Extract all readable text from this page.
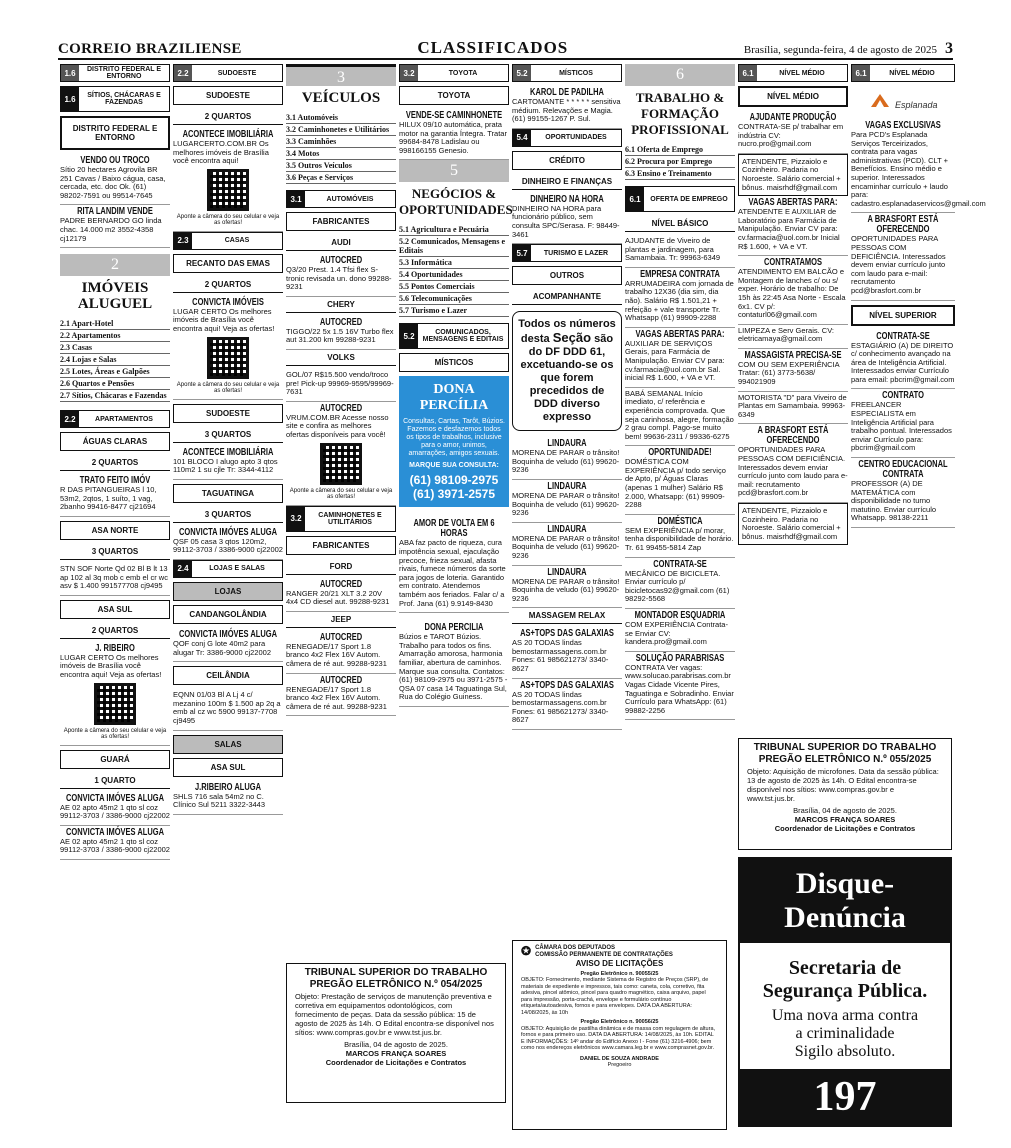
CORREIO BRAZILIENSE	CLASSIFICADOS	Brasília, segunda-feira, 4 de agosto de 2025 3
1.6	DISTRITO FEDERAL E ENTORNO
1.6	SÍTIOS, CHÁCARAS E FAZENDAS
DISTRITO FEDERAL E ENTORNO
VENDO OU TROCO
Sítio 20 hectares Agrovila BR 251 Cavas / Baixo cágua, casa, cercada, etc. doc Ok. (61) 98202-7591 ou 99514-7645
RITA LANDIM VENDE
PADRE BERNARDO GO linda chac. 14.000 m2 3552-4358 cj12179
2
IMÓVEIS ALUGUEL
2.1 Apart-Hotel
2.2 Apartamentos
2.3 Casas
2.4 Lojas e Salas
2.5 Lotes, Áreas e Galpões
2.6 Quartos e Pensões
2.7 Sítios, Chácaras e Fazendas
2.2	APARTAMENTOS
ÁGUAS CLARAS
2 QUARTOS
TRATO FEITO IMÓV
R DAS PITANGUEIRAS l 10, 53m2, 2qtos, 1 suíto, 1 vag, 2banho 99416-8477 cj21694
ASA NORTE
3 QUARTOS
STN SOF Norte Qd 02 Bl B lt 13 ap 102 al 3q mob c emb el cr wc asv $ 1.400 991577708 cj9495
ASA SUL
2 QUARTOS
J. RIBEIRO
LUGAR CERTO Os melhores imóveis de Brasília você encontra aqui! Veja as ofertas!
Aponte a câmera do seu celular e veja as ofertas!
GUARÁ
1 QUARTO
CONVICTA IMÓVES ALUGA
AE 02 apto 45m2 1 qto sl coz 99112-3703 / 3386-9000 cj22002
CONVICTA IMÓVES ALUGA
AE 02 apto 45m2 1 qto sl coz 99112-3703 / 3386-9000 cj22002
2.2	SUDOESTE
SUDOESTE
2 QUARTOS
ACONTECE IMOBILIÁRIA
LUGARCERTO.COM.BR Os melhores imóveis de Brasília você encontra aqui!
Aponte a câmera do seu celular e veja as ofertas!
2.3	CASAS
RECANTO DAS EMAS
2 QUARTOS
CONVICTA IMÓVEIS
LUGAR CERTO Os melhores imóveis de Brasília você encontra aqui! Veja as ofertas!
Aponte a câmera do seu celular e veja as ofertas!
SUDOESTE
3 QUARTOS
ACONTECE IMOBILIÁRIA
101 BLOCO I alugo apto 3 qtos 110m2 1 su cjle Tr: 3344-4112
TAGUATINGA
3 QUARTOS
CONVICTA IMÓVES ALUGA
QSF 05 casa 3 qtos 120m2, 99112-3703 / 3386-9000 cj22002
2.4	LOJAS E SALAS
LOJAS
CANDANGOLÂNDIA
CONVICTA IMÓVES ALUGA
QOF conj G lote 40m2 para alugar Tr: 3386-9000 cj22002
CEILÂNDIA
EQNN 01/03 Bl A Lj 4 c/ mezanino 100m $ 1.500 ap 2q a emb al cz wc 5900 99137-7708 cj9495
SALAS
ASA SUL
J.RIBEIRO ALUGA
SHLS 716 sala 54m2 no C. Clínico Sul 5211 3322-3443
3
VEÍCULOS
3.1 Automóveis
3.2 Caminhonetes e Utilitários
3.3 Caminhões
3.4 Motos
3.5 Outros Veículos
3.6 Peças e Serviços
3.1	AUTOMÓVEIS
FABRICANTES
AUDI
AUTOCRED
Q3/20 Prest. 1.4 Tfsi flex S-tronic revisada un. dono 99288-9231
CHERY
AUTOCRED
TIGGO/22 5x 1.5 16V Turbo flex aut 31.200 km 99288-9231
VOLKS
GOL/07 R$15.500 vendo/troco pre! Pick-up 99969-9595/99969-7631
AUTOCRED
VRUM.COM.BR Acesse nosso site e confira as melhores ofertas disponíveis para você!
Aponte a câmera do seu celular e veja as ofertas!
3.2	CAMINHONETES E UTILITÁRIOS
FABRICANTES
FORD
AUTOCRED
RANGER 20/21 XLT 3.2 20V 4x4 CD diesel aut. 99288-9231
JEEP
AUTOCRED
RENEGADE/17 Sport 1.8 branco 4x2 Flex 16V Autom. câmera de ré aut. 99288-9231
AUTOCRED
RENEGADE/17 Sport 1.8 branco 4x2 Flex 16V Autom. câmera de ré aut. 99288-9231
3.2	TOYOTA
TOYOTA
VENDE-SE CAMINHONETE
HILUX 09/10 automática, prata motor na garantia Íntegra. Tratar 99684-8478 Ladislau ou 998166155 Genesio.
5
NEGÓCIOS & OPORTUNIDADES
5.1 Agricultura e Pecuária
5.2 Comunicados, Mensagens e Editais
5.3 Informática
5.4 Oportunidades
5.5 Pontos Comerciais
5.6 Telecomunicações
5.7 Turismo e Lazer
5.2	COMUNICADOS, MENSAGENS E EDITAIS
MÍSTICOS
DONA PERCÍLIA
Consultas, Cartas, Tarôt, Búzios. Fazemos e desfazemos todos os tipos de trabalhos, inclusive para o amor, unimos, amarrações, amigos sexuais.
MARQUE SUA CONSULTA:
(61) 98109-2975
(61) 3971-2575
AMOR DE VOLTA EM 6 HORAS
ABA faz pacto de riqueza, cura impotência sexual, ejaculação precoce, frieza sexual, afasta rivais, fumece números da sorte para jogos de loteria. Garantido em contrato. Atendemos também aos feriados. Falar c/ a Prof. Jana (61) 9.9149-8430
DONA PERCILIA
Búzios e TAROT Búzios. Trabalho para todos os fins. Amarração amorosa, harmonia familiar, abertura de caminhos. Marque sua consulta. Contatos: (61) 98109-2975 ou 3971-2575 - QSA 07 casa 14 Taguatinga Sul, Rua do Colégio Guiness.
5.2	MÍSTICOS
KAROL DE PADILHA
CARTOMANTE * * * * * sensitiva médium. Relevações e Magia. (61) 99155-1267 P. Sul.
5.4	OPORTUNIDADES
CRÉDITO
DINHEIRO E FINANÇAS
DINHEIRO NA HORA
DINHEIRO NA HORA para funcionário público, sem consulta SPC/Serasa. F: 98449-3461
5.7	TURISMO E LAZER
OUTROS
ACOMPANHANTE
Todos os números desta Seção são do DF DDD 61, excetuando-se os que forem precedidos de DDD diverso expresso
LINDAURA
MORENA DE PARAR o trânsito! Boquinha de veludo (61) 99620-9236
LINDAURA
MORENA DE PARAR o trânsito! Boquinha de veludo (61) 99620-9236
LINDAURA
MORENA DE PARAR o trânsito! Boquinha de veludo (61) 99620-9236
LINDAURA
MORENA DE PARAR o trânsito! Boquinha de veludo (61) 99620-9236
MASSAGEM RELAX
AS+TOPS DAS GALAXIAS
AS 20 TODAS lindas bemostarmassagens.com.br Fones: 61 985621273/ 3340-8627
AS+TOPS DAS GALAXIAS
AS 20 TODAS lindas bemostarmassagens.com.br Fones: 61 985621273/ 3340-8627
6
TRABALHO & FORMAÇÃO PROFISSIONAL
6.1 Oferta de Emprego
6.2 Procura por Emprego
6.3 Ensino e Treinamento
6.1	OFERTA DE EMPREGO
NÍVEL BÁSICO
AJUDANTE de Viveiro de plantas e jardinagem, para Samambaia. Tr: 99963-6349
EMPRESA CONTRATA
ARRUMADEIRA com jornada de trabalho 12X36 (dia sim, dia não). Salário R$ 1.501,21 + refeição + vale transporte Tr. Whatsapp (61) 99909-2288
VAGAS ABERTAS PARA:
AUXILIAR DE SERVIÇOS Gerais, para Farmácia de Manipulação. Enviar CV para: cv.farmacia@uol.com.br Sal. inicial R$ 1.600, + VA e VT.
BABÁ SEMANAL Início imediato, c/ referência e experiência comprovada. Que seja carinhosa, alegre, formação 2 grau compl. Pago-se muito bem! 99636-2311 / 99336-6275
OPORTUNIDADE!
DOMÉSTICA COM EXPERIÊNCIA p/ todo serviço de Apto, p/ Águas Claras (apenas 1 mulher) Salário R$ 2.000, Whatsapp: (61) 99909-2288
DOMÉSTICA
SEM EXPERIÊNCIA p/ morar, tenha disponibilidade de horário. Tr. 61 99455-5814 Zap
CONTRATA-SE
MECÂNICO DE BICICLETA. Enviar currículo p/ bicicletocas92@gmail.com (61) 98292-5568
MONTADOR ESQUADRIA
COM EXPERIÊNCIA Contrata-se Enviar CV: kandera.pro@gmail.com
SOLUÇÃO PARABRISAS
CONTRATA Ver vagas: www.solucao.parabrisas.com.br Vagas Cidade Vicente Pires, Taguatinga e Sobradinho. Enviar Currículo para WhatsApp: (61) 99882-2256
6.1	NÍVEL MÉDIO
NÍVEL MÉDIO
AJUDANTE PRODUÇÃO
CONTRATA-SE p/ trabalhar em indústria CV: nucro.pro@gmail.com
ATENDENTE, Pizzaiolo e Cozinheiro. Padaria no Noroeste. Salário comercial + bônus. maisrhdf@gmail.com
VAGAS ABERTAS PARA:
ATENDENTE E AUXILIAR de Laboratório para Farmácia de Manipulação. Enviar CV para: cv.farmacia@uol.com.br Inicial R$ 1.600, + VA e VT.
CONTRATAMOS
ATENDIMENTO EM BALCÃO e Montagem de lanches c/ ou s/ exper. Horário de trabalho: De 15h às 22:45 Asa Norte - Escala 6x1. CV p/: contaturl06@gmail.com
LIMPEZA e Serv Gerais. CV: eletricamaya@gmail.com
MASSAGISTA PRECISA-SE
COM OU SEM EXPERIÊNCIA Tratar: (61) 3773-5638/ 994021909
MOTORISTA "D" para Viveiro de Plantas em Samambaia. 99963-6349
A BRASFORT ESTÁ OFERECENDO
OPORTUNIDADES PARA PESSOAS COM DEFICIÊNCIA. Interessados devem enviar currículo junto com laudo para e-mail: recrutamento pcd@brasfort.com.br
ATENDENTE, Pizzaiolo e Cozinheiro. Padaria no Noroeste. Salário comercial + bônus. maisrhdf@gmail.com
6.1	NÍVEL MÉDIO
Esplanada
VAGAS EXCLUSIVAS
Para PCD's Esplanada Serviços Terceirizados, contrata para vagas administrativas (PCD). CLT + Benefícios. Ensino médio e superior. Interessados encaminhar currículo + laudo para: cadastro.esplanadaservicos@gmail.com
A BRASFORT ESTÁ OFERECENDO
OPORTUNIDADES PARA PESSOAS COM DEFICIÊNCIA. Interessados devem enviar currículo junto com laudo para e-mail: recrutamento pcd@brasfort.com.br
NÍVEL SUPERIOR
CONTRATA-SE
ESTAGIÁRIO (A) DE DIREITO c/ conhecimento avançado na área de Inteligência Artificial. Interessados enviar Currículo para email: pbcrim@gmail.com
CONTRATO
FREELANCER ESPECIALISTA em Inteligência Artificial para trabalho pontual. Interessados enviar Currículo para: pbcrim@gmail.com
CENTRO EDUCACIONAL CONTRATA
PROFESSOR (A) DE MATEMÁTICA com disponibilidade no turno matutino. Enviar currículo Whatsapp. 98138-2211
TRIBUNAL SUPERIOR DO TRABALHO
PREGÃO ELETRÔNICO N.º 054/2025
Objeto: Prestação de serviços de manutenção preventiva e corretiva em equipamentos odontológicos, com fornecimento de peças. Data da sessão pública: 15 de agosto de 2025 às 14h. O Edital encontra-se disponível nos sítios: www.compras.gov.br e www.tst.jus.br.
Brasília, 04 de agosto de 2025.
MARCOS FRANÇA SOARES
Coordenador de Licitações e Contratos
✪ CÂMARA DOS DEPUTADOS
COMISSÃO PERMANENTE DE CONTRATAÇÕES
AVISO DE LICITAÇÕES
Pregão Eletrônico n. 90055/25
OBJETO: Fornecimento, mediante Sistema de Registro de Preços (SRP), de materiais de expediente e impressos, tais como: caneta, cola, corretivo, fita adesiva, pincel atômico, pincel para quadro magnético, caixa arquivo, papel para impressão, porta-crachá, envelope e formulário contínuo etiqueta/autoadesiva, fornos e para envelopes. DATA DA ABERTURA: 14/08/2025, às 10h
Pregão Eletrônico n. 90056/25
OBJETO: Aquisição de pastilha dinâmica e de massa com regulagem de altura, fornos e para primeiro uso. DATA DA ABERTURA: 14/08/2025, às 10h. EDITAL E INFORMAÇÕES: 14º andar do Edifício Anexo I - Fone (61) 3216-4906; bem como nos endereços eletrônicos www.camara.leg.br e www.comprasnet.gov.br.
DANIEL DE SOUZA ANDRADE
Pregoeiro
TRIBUNAL SUPERIOR DO TRABALHO
PREGÃO ELETRÔNICO N.º 055/2025
Objeto: Aquisição de microfones. Data da sessão pública: 13 de agosto de 2025 às 14h. O Edital encontra-se disponível nos sítios: www.compras.gov.br e www.tst.jus.br.
Brasília, 04 de agosto de 2025.
MARCOS FRANÇA SOARES
Coordenador de Licitações e Contratos
Disque-Denúncia
Secretaria de
Segurança Pública.
Uma nova arma contra
a criminalidade
Sigilo absoluto.
197
